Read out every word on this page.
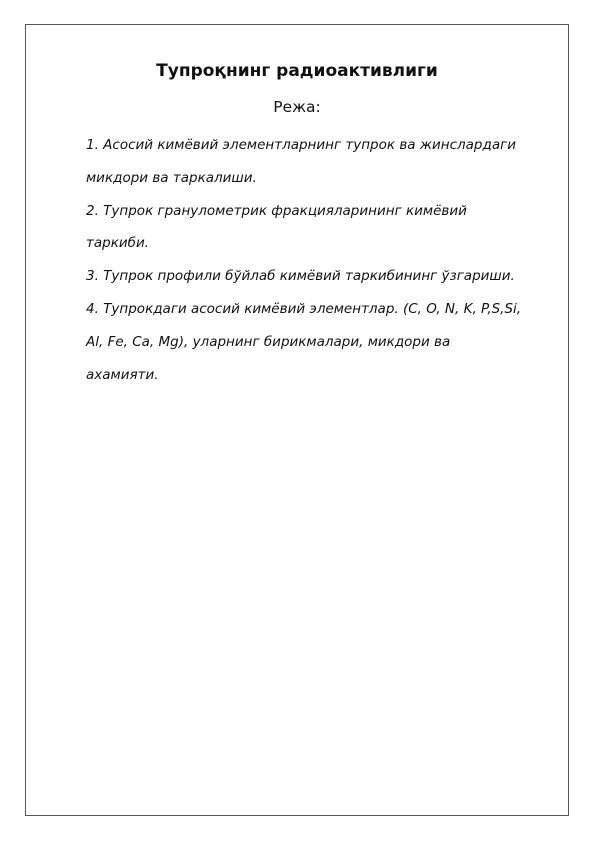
Тупроқнинг радиоактивлиги
Режа:
1. Асосий кимёвий элементларнинг тупрок ва жинслардаги
микдори ва таркалиши.
2. Тупрок гранулометрик фракцияларининг кимёвий
таркиби.
3. Тупрок профили бўйлаб кимёвий таркибининг ўзгариши.
4. Тупрокдаги асосий кимёвий элементлар. (C, O, N, K, P,S,Si,
Al, Fe, Ca, Mg), уларнинг бирикмалари, микдори ва
ахамияти.
